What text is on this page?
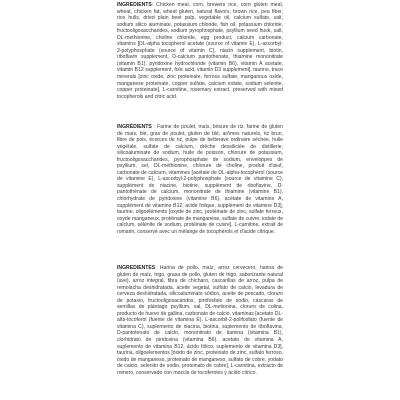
INGREDIENTS: Chicken meal, corn, brewers rice, corn gluten meal, wheat, chicken fat, wheat gluten, natural flavors, brown rice, pea fiber, rice hulls, dried plain beet pulp, vegetable oil, calcium sulfate, salt, sodium silico aluminate, potassium chloride, fish oil, potassium chloride, fructooligosaccharides, sodium pyrophosphate, psyllium seed husk, salt, DL-methionine, choline chloride, egg product, calcium carbonate, vitamins [DL-alpha tocopherol acetate (source of vitamin E), L-ascorbyl-2-polyphosphate (source of vitamin C), niacin supplement, biotin, riboflavin supplement, D-calcium pantothenate, thiamine mononitrate (vitamin B1), pyridoxine hydrochloride (vitamin B6), vitamin A acetate, vitamin B12 supplement, folic acid, vitamin D3 supplement], taurine, trace minerals [zinc oxide, zinc proteinate, ferrous sulfate, manganous oxide, manganese proteinate, copper sulfate, calcium iodate, sodium selenite, copper proteinate], L-carnitine, rosemary extract, preserved with mixed tocopherols and citric acid.

INGRÉDIENTS : Farine de poulet, maïs, brisure de riz, farine de gluten de maïs, blé, gras de poulet, gluten de blé, arômes naturels, riz brun, fibre de pois, écorces de riz, pulpe de betterave ordinaire séchée, huile végétale, sulfate de calcium, drêche dessiliciée de distillerie, silicoaluminate de sodium, huile de poisson, chlorure de potassium, fructooligosaccharides, pyrophosphate de sodium, enveloppes de psyllium, sel, DL-méthionine, chlorure de choline, produit d'œuf, carbonate de calcium, vitamines [acétate de DL-alpha-tocophérol (source de vitamine E), L-ascorbyl-2-polyphosphate (source de vitamine C), supplément de niacine, biotine, supplément de riboflavine, D-pantothénate de calcium, mononitrate de thiamine (vitamine B1), chlorhydrate de pyridoxine (vitamine B6), acétate de vitamine A, supplément de vitamine B12, acide folique, supplément de vitamine D3], taurine, oligoéléments [oxyde de zinc, protéinate de zinc, sulfate ferreux, oxyde manganeux, protéinate de manganèse, sulfate de cuivre, iodate de calcium, sélénite de sodium, protéinate de cuivre], L-carnitine, extrait de romarin, conservé avec un mélange de tocophérols et d'acide citrique.

INGREDIENTES: Harina de pollo, maíz, arroz cervecero, harina de gluten de maíz, trigo, grasa de pollo, gluten de trigo, saborizante natural (ave), arroz integral, fibra de chícharo, cascarillas de arroz, pulpa de remolacha deshidratada, aceite vegetal, sulfato de calcio, levadura de cerveza deshidratada, silicoaluminato sódico, aceite de pescado, cloruro de potasio, fructooligosacáridos, pirofosfato de sodio, cáscaras de semillas de plántago psyllium, sal, DL-metionina, cloruro de colina, producto de huevo de gallina, carbonato de calcio, vitaminas [acetato DL-alfa-tocoferol (fuente de vitamina E), L-ascorbil-2-polifosfato (fuente de vitamina C), suplemento de niacina, biotina, suplemento de riboflavina, D-pantotenato de calcio, mononitrato de tiamina (vitamina B1), clorhidrato de piridoxina (vitamina B6), acetato de vitamina A, suplemento de vitamina B12, ácido fólico, suplemento de vitamina D3], taurina, oligoelementos [óxido de zinc, proteinato de zinc, sulfato ferroso, óxido de manganeso, proteinato de manganeso, sulfato de cobre, yodato de calcio, selenito de sodio, proteinato de cobre], L-carnitina, extracto de romero, conservado con mezcla de tocoferoles y ácido cítrico.
